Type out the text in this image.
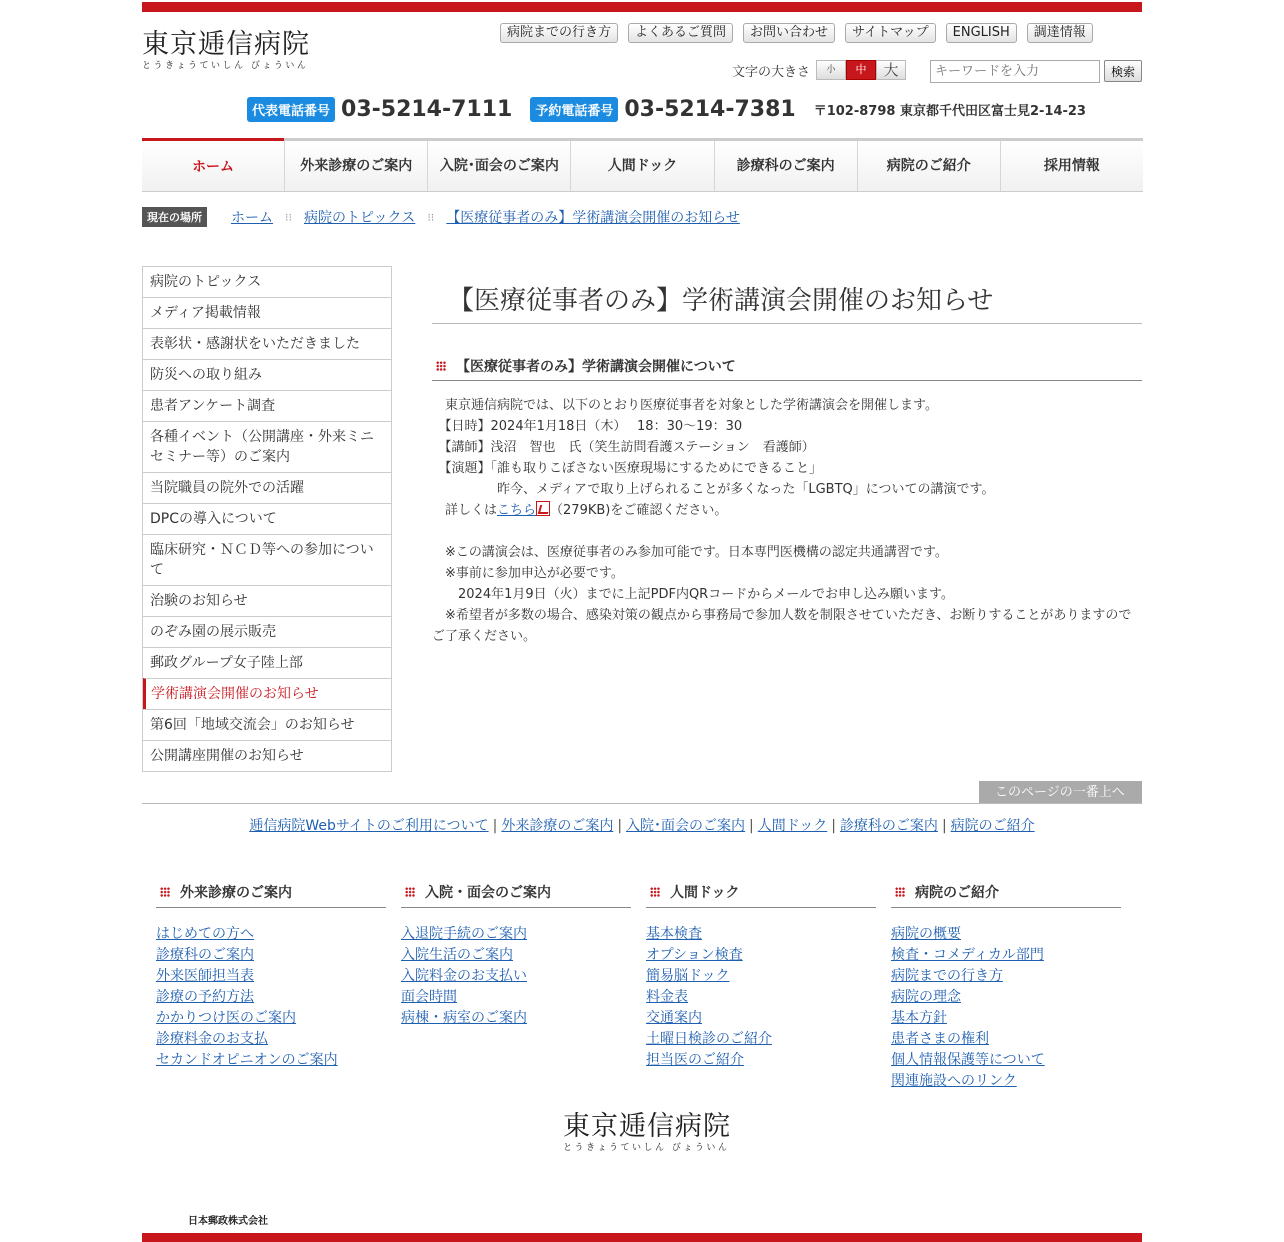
東京逓信病院
とうきょうていしん びょういん
病院までの行き方	よくあるご質問	お問い合わせ	サイトマップ	ENGLISH	調達情報
文字の大きさ	小	中	大
キーワードを入力	検索
代表電話番号 03-5214-7111	予約電話番号 03-5214-7381 〒102-8798 東京都千代田区富士見2-14-23
ホーム	外来診療のご案内	入院･面会のご案内	人間ドック	診療科のご案内	病院のご紹介	採用情報
現在の場所	ホーム ⁝⁝ 病院のトピックス ⁝⁝ 【医療従事者のみ】学術講演会開催のお知らせ
病院のトピックス
メディア掲載情報
表彰状・感謝状をいただきました
防災への取り組み
患者アンケート調査
各種イベント（公開講座・外来ミニセミナー等）のご案内
当院職員の院外での活躍
DPCの導入について
臨床研究・ＮＣＤ等への参加について
治験のお知らせ
のぞみ園の展示販売
郵政グループ女子陸上部
学術講演会開催のお知らせ
第6回「地域交流会」のお知らせ
公開講座開催のお知らせ
【医療従事者のみ】学術講演会開催のお知らせ
【医療従事者のみ】学術講演会開催について

　東京逓信病院では、以下のとおり医療従事者を対象とした学術講演会を開催します。

　【日時】2024年1月18日（木）　 18：30〜19：30

　【講師】浅沼　智也　氏（笑生訪問看護ステーション　看護師）

　【演題】「誰も取りこぼさない医療現場にするためにできること」

　　　　　昨今、メディアで取り上げられることが多くなった「LGBTQ」についての講演です。

　詳しくはこちら （279KB)をご確認ください。

　※この講演会は、医療従事者のみ参加可能です。日本専門医機構の認定共通講習です。

　※事前に参加申込が必要です。

　　2024年1月9日（火）までに上記PDF内QRコードからメールでお申し込み願います。

　※希望者が多数の場合、感染対策の観点から事務局で参加人数を制限させていただき、お断りすることがありますのでご了承ください。

このページの一番上へ
逓信病院Webサイトのご利用について | 外来診療のご案内 | 入院･面会のご案内 | 人間ドック | 診療科のご案内 | 病院のご紹介
外来診療のご案内
はじめての方へ
診療科のご案内
外来医師担当表
診療の予約方法
かかりつけ医のご案内
診療料金のお支払
セカンドオピニオンのご案内
入院・面会のご案内
入退院手続のご案内
入院生活のご案内
入院料金のお支払い
面会時間
病棟・病室のご案内
人間ドック
基本検査
オプション検査
簡易脳ドック
料金表
交通案内
土曜日検診のご紹介
担当医のご紹介
病院のご紹介
病院の概要
検査・コメディカル部門
病院までの行き方
病院の理念
基本方針
患者さまの権利
個人情報保護等について
関連施設へのリンク
東京逓信病院
とうきょうていしん びょういん
日本郵政株式会社
